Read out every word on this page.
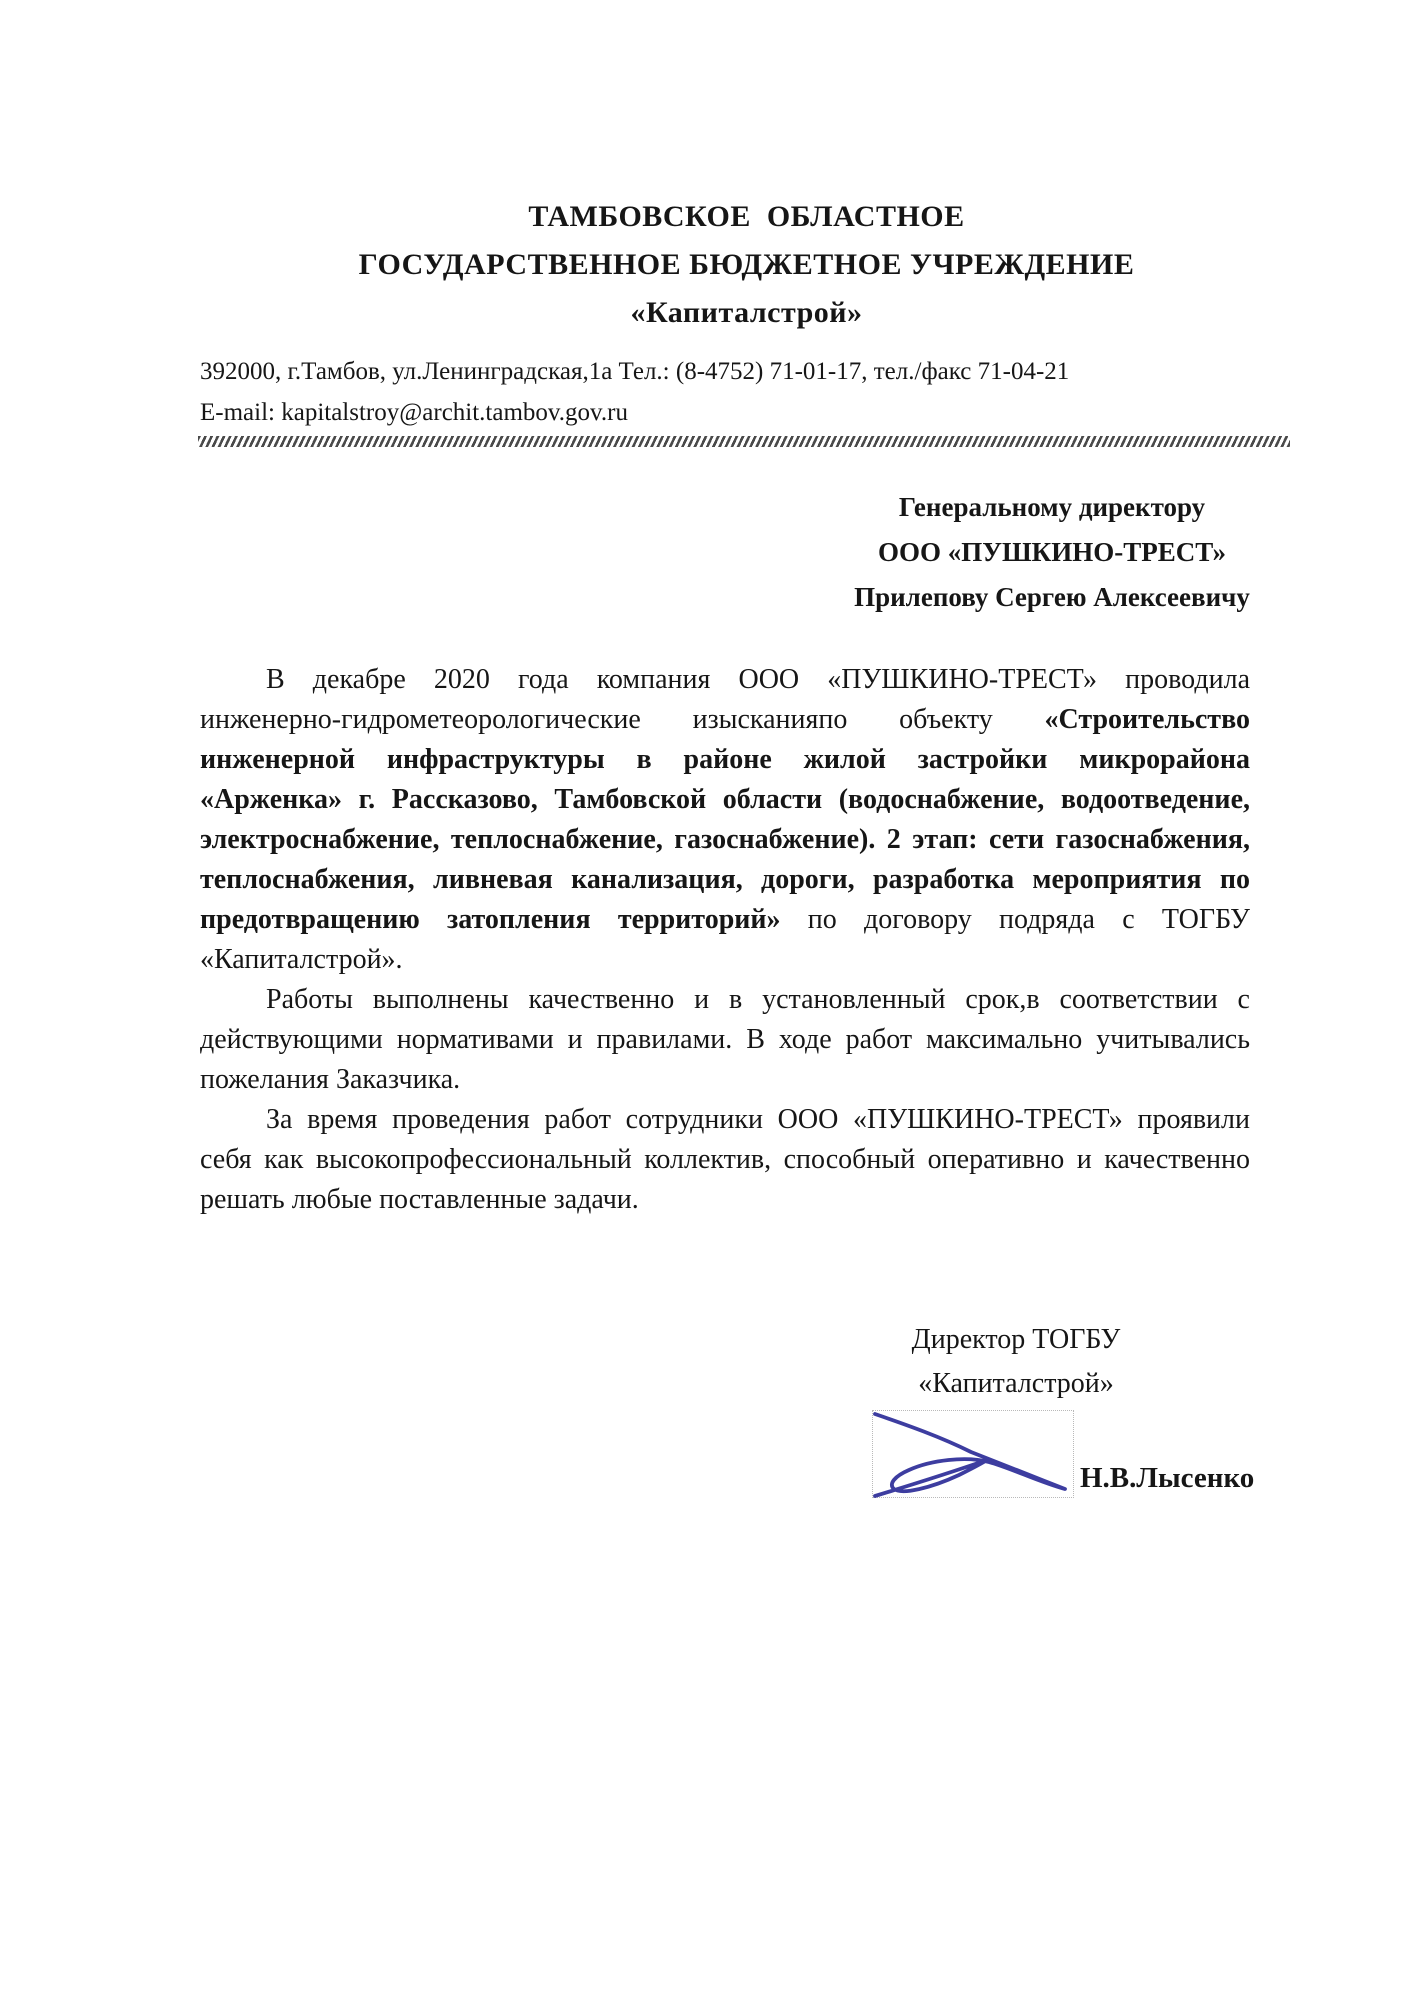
ТАМБОВСКОЕ  ОБЛАСТНОЕ
ГОСУДАРСТВЕННОЕ БЮДЖЕТНОЕ УЧРЕЖДЕНИЕ
«Капиталстрой»
392000, г.Тамбов, ул.Ленинградская,1а Тел.: (8-4752) 71-01-17, тел./факс 71-04-21
E-mail: kapitalstroy@archit.tambov.gov.ru
Генеральному директору
ООО «ПУШКИНО-ТРЕСТ»
Прилепову Сергею Алексеевичу

В декабре 2020 года компания ООО «ПУШКИНО-ТРЕСТ» проводила инженерно-гидрометеорологические изысканияпо объекту «Строительство инженерной инфраструктуры в районе жилой застройки микрорайона «Арженка» г. Рассказово, Тамбовской области (водоснабжение, водоотведение, электроснабжение, теплоснабжение, газоснабжение). 2 этап: сети газоснабжения, теплоснабжения, ливневая канализация, дороги, разработка мероприятия по предотвращению затопления территорий» по договору подряда с ТОГБУ «Капиталстрой».

Работы выполнены качественно и в установленный срок,в соответствии с действующими нормативами и правилами. В ходе работ максимально учитывались пожелания Заказчика.

За время проведения работ сотрудники ООО «ПУШКИНО-ТРЕСТ» проявили себя как высокопрофессиональный коллектив, способный оперативно и качественно решать любые поставленные задачи.

Директор ТОГБУ
«Капиталстрой»
Н.В.Лысенко
